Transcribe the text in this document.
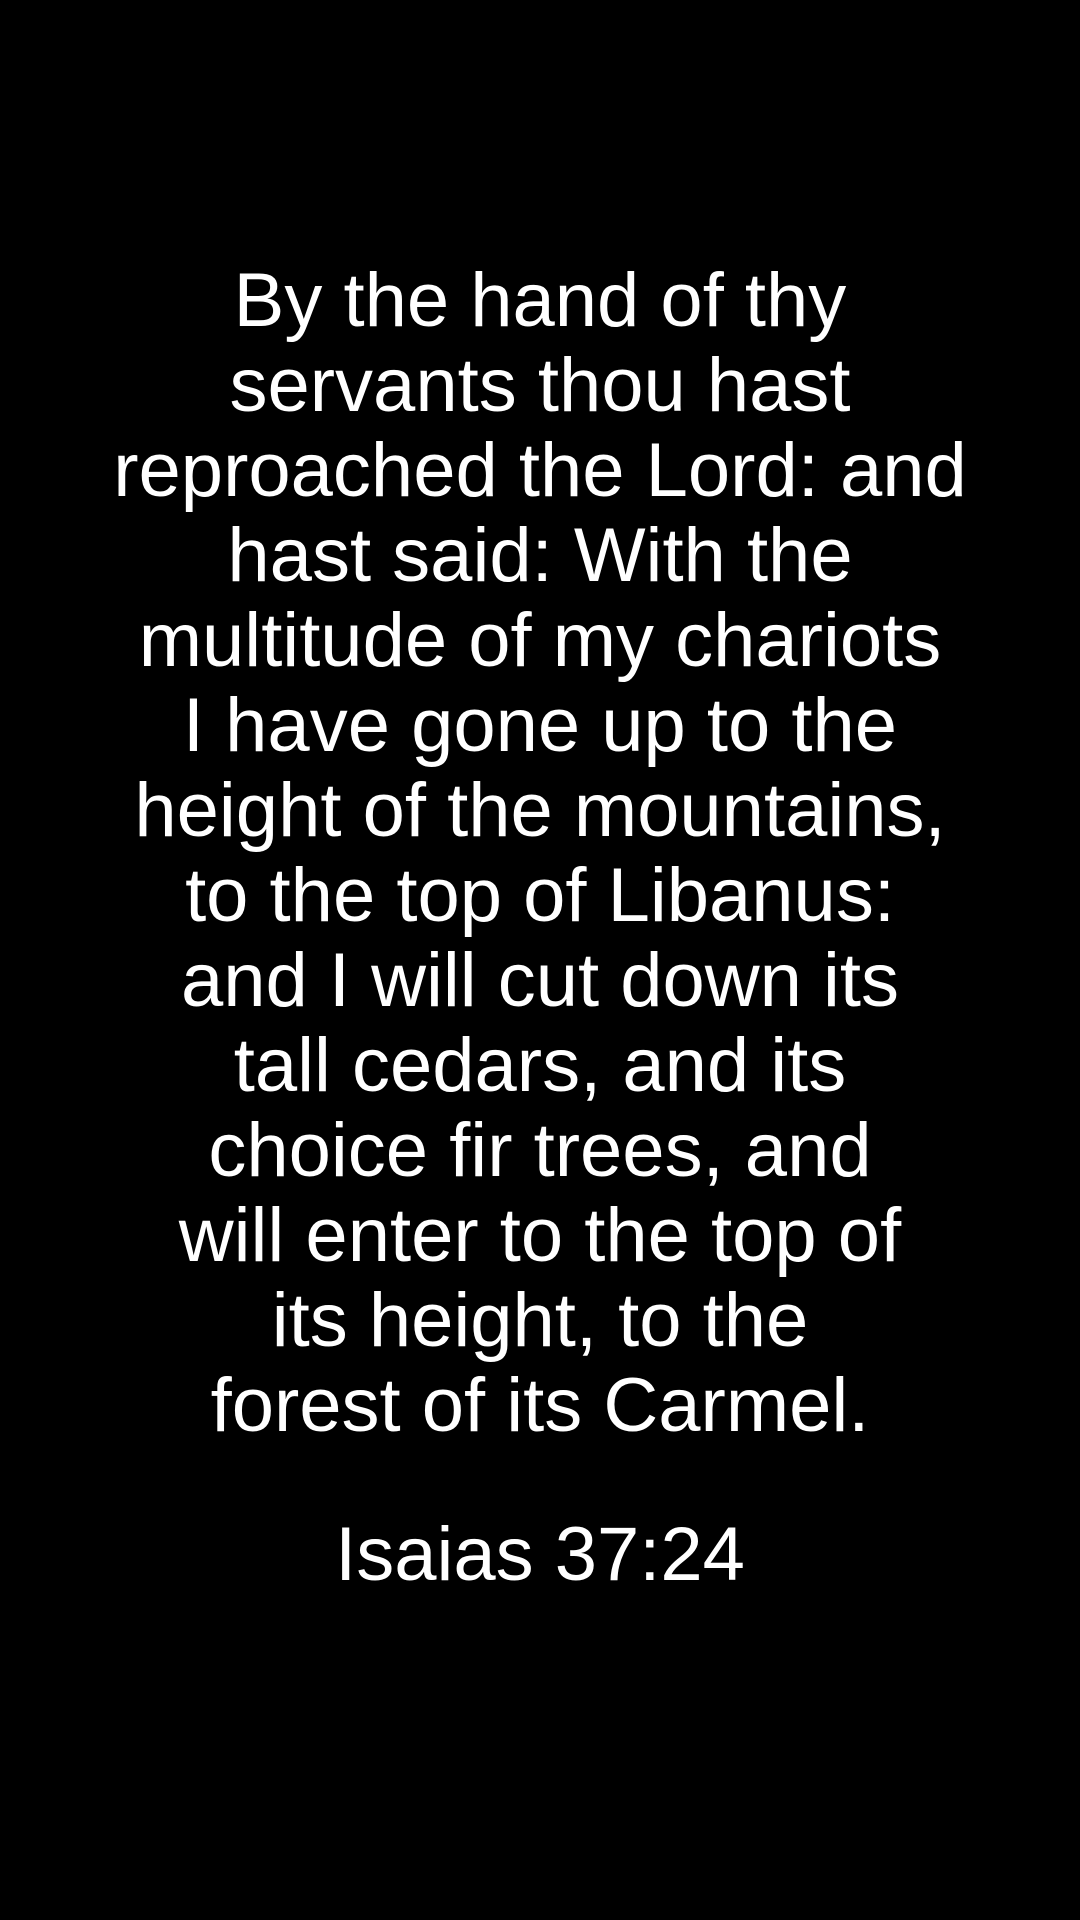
By the hand of thy
servants thou hast
reproached the Lord: and
hast said: With the
multitude of my chariots
I have gone up to the
height of the mountains,
to the top of Libanus:
and I will cut down its
tall cedars, and its
choice fir trees, and
will enter to the top of
its height, to the
forest of its Carmel.
Isaias 37:24
